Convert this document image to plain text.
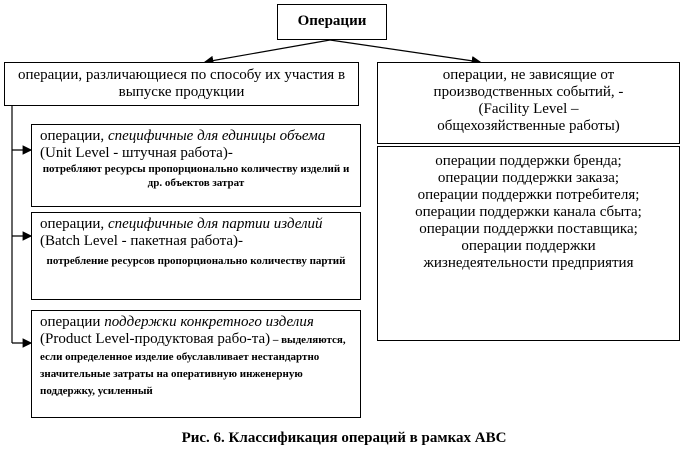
Операции
операции, различающиеся по способу их участия в выпуске продукции
операции, не зависящие от
производственных событий, -
(Facility Level –
общехозяйственные работы)
операции поддержки бренда;
операции поддержки заказа;
операции поддержки потребителя;
операции поддержки канала сбыта;
операции поддержки поставщика;
операции поддержки
жизнедеятельности предприятия
операции, специфичные для единицы объема (Unit Level - штучная работа)-
потребляют ресурсы пропорционально количеству изделий и др. объектов затрат
операции, специфичные для партии изделий (Batch Level - пакетная работа)-
потребление ресурсов пропорционально количеству партий
операции поддержки конкретного изделия (Product Level-продуктовая рабо-та) – выделяются, если определенное изделие обуславливает нестандартно значительные затраты на оперативную инженерную поддержку, усиленный
Рис. 6. Классификация операций в рамках АВС
